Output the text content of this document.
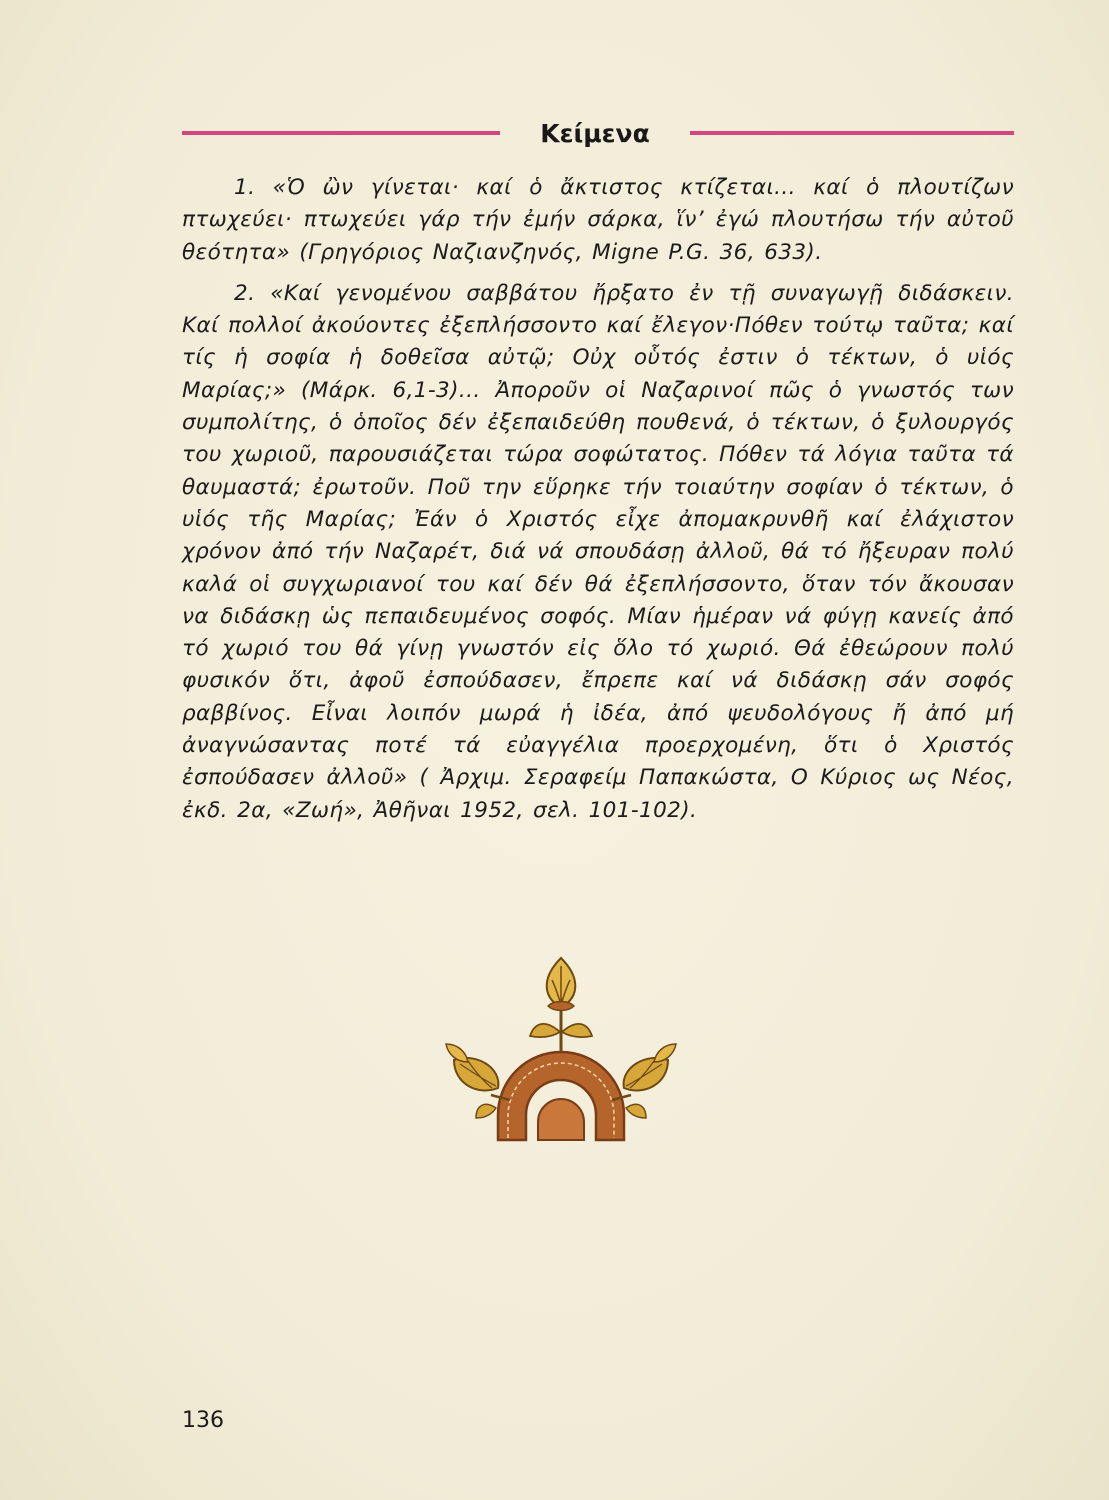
Κείμενα

1. «Ὁ ὢν γίνεται· καί ὁ ἄκτιστος κτίζεται... καί ὁ πλουτίζων πτωχεύει· πτωχεύει γάρ τήν ἐμήν σάρκα, ἵν’ ἐγώ πλουτήσω τήν αὐτοῦ θεότητα» (Γρηγόριος Ναζιανζηνός, Migne P.G. 36, 633).

2. «Καί γενομένου σαββάτου ἤρξατο ἐν τῇ συναγωγῇ διδάσκειν. Καί πολλοί ἀκούοντες ἐξεπλήσσοντο καί ἔλεγον·Πόθεν τούτῳ ταῦτα; καί τίς ἡ σοφία ἡ δοθεῖσα αὐτῷ; Οὐχ οὗτός ἐστιν ὁ τέκτων, ὁ υἱός Μαρίας;» (Μάρκ. 6,1-3)... Ἀποροῦν οἱ Ναζαρινοί πῶς ὁ γνωστός των συμπολίτης, ὁ ὁποῖος δέν ἐξεπαιδεύθη πουθενά, ὁ τέκτων, ὁ ξυλουργός του χωριοῦ, παρουσιάζεται τώρα σοφώτατος. Πόθεν τά λόγια ταῦτα τά θαυμαστά; ἐρωτοῦν. Ποῦ την εὕρηκε τήν τοιαύτην σοφίαν ὁ τέκτων, ὁ υἱός τῆς Μαρίας; Ἐάν ὁ Χριστός εἶχε ἀπομακρυνθῆ καί ἐλάχιστον χρόνον ἀπό τήν Ναζαρέτ, διά νά σπουδάσῃ ἀλλοῦ, θά τό ἤξευραν πολύ καλά οἱ συγχωριανοί του καί δέν θά ἐξεπλήσσοντο, ὅταν τόν ἄκουσαν να διδάσκῃ ὡς πεπαιδευμένος σοφός. Μίαν ἡμέραν νά φύγῃ κανείς ἀπό τό χωριό του θά γίνῃ γνωστόν εἰς ὅλο τό χωριό. Θά ἐθεώρουν πολύ φυσικόν ὅτι, ἀφοῦ ἐσπούδασεν, ἔπρεπε καί νά διδάσκῃ σάν σοφός ραββίνος. Εἶναι λοιπόν μωρά ἡ ἰδέα, ἀπό ψευδολόγους ἤ ἀπό μή ἀναγνώσαντας ποτέ τά εὐαγγέλια προερχομένη, ὅτι ὁ Χριστός ἐσπούδασεν ἀλλοῦ» ( Ἀρχιμ. Σεραφείμ Παπακώστα, Ο Κύριος ως Νέος, ἐκδ. 2α, «Ζωή», Ἀθῆναι 1952, σελ. 101-102).

136
